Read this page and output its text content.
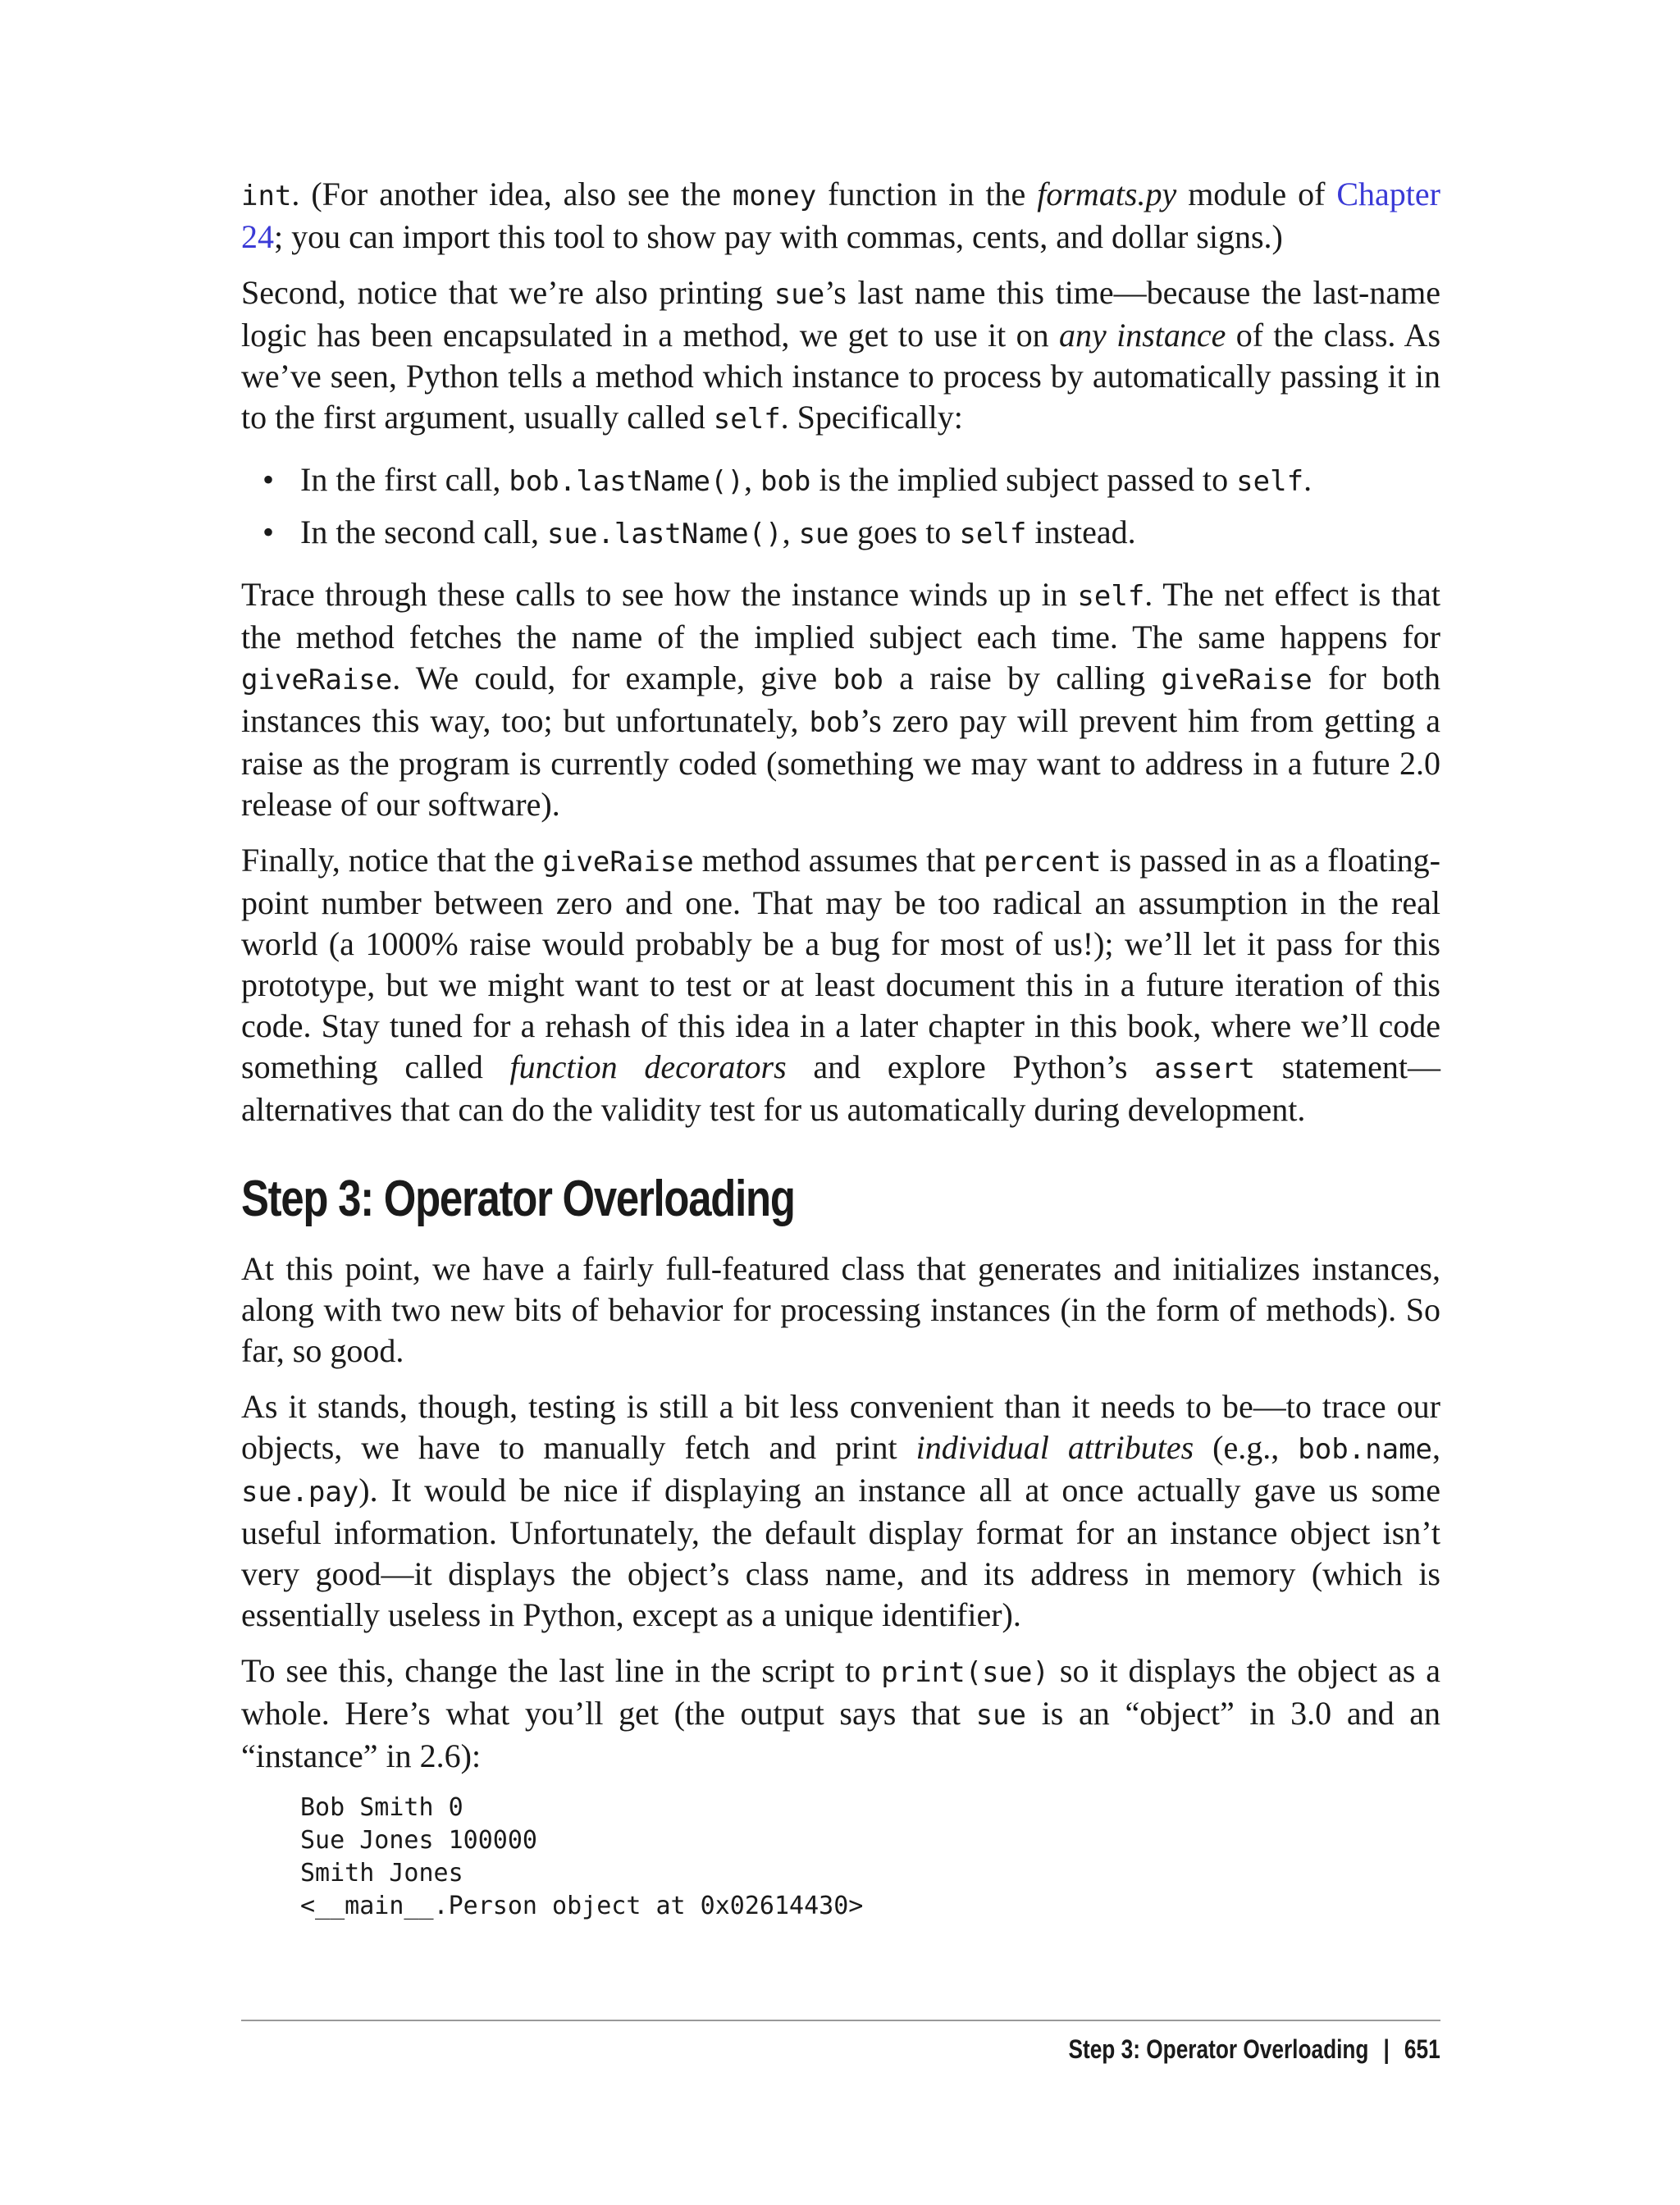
int. (For another idea, also see the money function in the formats.py module of Chapter 24; you can import this tool to show pay with commas, cents, and dollar signs.)

Second, notice that we’re also printing sue’s last name this time—because the last-name logic has been encapsulated in a method, we get to use it on any instance of the class. As we’ve seen, Python tells a method which instance to process by automatically passing it in to the first argument, usually called self. Specifically:

• In the first call, bob.lastName(), bob is the implied subject passed to self.
• In the second call, sue.lastName(), sue goes to self instead.

Trace through these calls to see how the instance winds up in self. The net effect is that the method fetches the name of the implied subject each time. The same happens for giveRaise. We could, for example, give bob a raise by calling giveRaise for both instances this way, too; but unfortunately, bob’s zero pay will prevent him from getting a raise as the program is currently coded (something we may want to address in a future 2.0 release of our software).

Finally, notice that the giveRaise method assumes that percent is passed in as a floating-point number between zero and one. That may be too radical an assumption in the real world (a 1000% raise would probably be a bug for most of us!); we’ll let it pass for this prototype, but we might want to test or at least document this in a future iteration of this code. Stay tuned for a rehash of this idea in a later chapter in this book, where we’ll code something called function decorators and explore Python’s assert statement—alternatives that can do the validity test for us automatically during development.

Step 3: Operator Overloading

At this point, we have a fairly full-featured class that generates and initializes instances, along with two new bits of behavior for processing instances (in the form of methods). So far, so good.

As it stands, though, testing is still a bit less convenient than it needs to be—to trace our objects, we have to manually fetch and print individual attributes (e.g., bob.name, sue.pay). It would be nice if displaying an instance all at once actually gave us some useful information. Unfortunately, the default display format for an instance object isn’t very good—it displays the object’s class name, and its address in memory (which is essentially useless in Python, except as a unique identifier).

To see this, change the last line in the script to print(sue) so it displays the object as a whole. Here’s what you’ll get (the output says that sue is an “object” in 3.0 and an “instance” in 2.6):

Bob Smith 0
Sue Jones 100000
Smith Jones
<__main__.Person object at 0x02614430>
Step 3: Operator Overloading | 651
